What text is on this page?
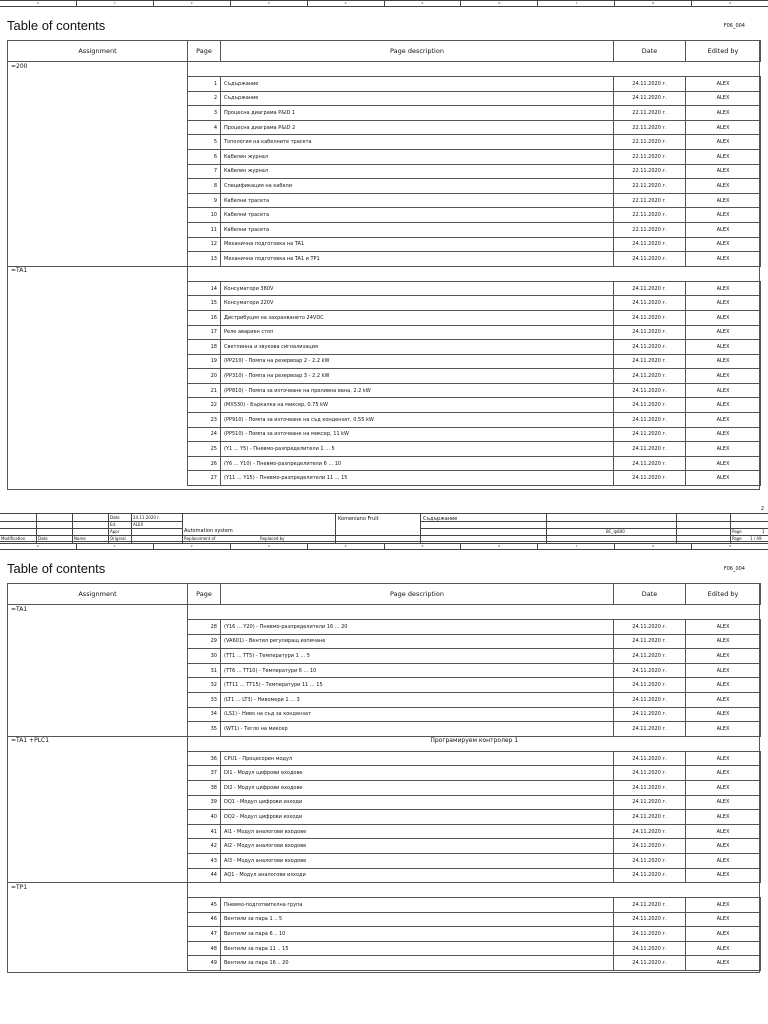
0	1	2	3	4	5	6	7	8	9
Table of contents	F06_004
Assignment	Page	Page description	Date	Edited by
=200				

	1	Съдържание	24.11.2020 г.	ALEX
	2	Съдържание	24.11.2020 г.	ALEX
	3	Процесна диаграма P&ID 1	22.11.2020 г.	ALEX
	4	Процесна диаграма P&ID 2	22.11.2020 г.	ALEX
	5	Топология на кабелните трасета	22.11.2020 г.	ALEX
	6	Кабелен журнал	22.11.2020 г.	ALEX
	7	Кабелен журнал	22.11.2020 г.	ALEX
	8	Спецификация на кабели	22.11.2020 г.	ALEX
	9	Кабелни трасета	22.11.2020 г.	ALEX
	10	Кабелни трасета	22.11.2020 г.	ALEX
	11	Кабелни трасета	22.11.2020 г.	ALEX
	12	Механична подготовка на TA1	24.11.2020 г.	ALEX
	13	Механична подготовка на TA1 и TP1	24.11.2020 г.	ALEX
=TA1				

	14	Консуматори 380V	24.11.2020 г.	ALEX
	15	Консуматори 220V	24.11.2020 г.	ALEX
	16	Дистрибуция на захранването 24VDC	24.11.2020 г.	ALEX
	17	Реле авариен стоп	24.11.2020 г.	ALEX
	18	Светлинна и звукова сигнализация	24.11.2020 г.	ALEX
	19	(PP210) - Помпа на резервоар 2 - 2.2 kW	24.11.2020 г.	ALEX
	20	(PP310) - Помпа на резервоар 3 - 2.2 kW	24.11.2020 г.	ALEX
	21	(PP810) - Помпа за източване на преливна вана, 2.2 kW	24.11.2020 г.	ALEX
	22	(MX530) - Бъркалка на миксер, 0.75 kW	24.11.2020 г.	ALEX
	23	(PP910) - Помпа за източване на съд кондензат, 0.55 kW	24.11.2020 г.	ALEX
	24	(PP510) - Помпа за източване на миксер, 11 kW	24.11.2020 г.	ALEX
	25	(Y1 ... Y5) - Пневмо-разпределители 1 ... 5	24.11.2020 г.	ALEX
	26	(Y6 ... Y10) - Пневмо-разпределители 6 ... 10	24.11.2020 г.	ALEX
	27	(Y11 ... Y15) - Пневмо-разпределители 11 ... 15	24.11.2020 г.	ALEX
2
Date	24.11.2020 г.
Ed.	ALEX
Appr	Automation system
Komeniano Fruit	Съдържание
BC_Ip800	Page	1
Page 1 / 49
Modification	Date	Name	Original	Replacement of	Replaced by
0	1	2	3	4	5	6	7	8	9
Table of contents	F06_004
Assignment	Page	Page description	Date	Edited by
=TA1				

	28	(Y16 ... Y20) - Пневмо-разпределители 16 ... 20	24.11.2020 г.	ALEX
	29	(VA601) - Вентил регулиращ изпичане	24.11.2020 г.	ALEX
	30	(TT1 ... TT5) - Температури 1 ... 5	24.11.2020 г.	ALEX
	31	(TT6 ... TT10) - Температури 6 ... 10	24.11.2020 г.	ALEX
	32	(TT11 ... TT15) - Температури 11 ... 15	24.11.2020 г.	ALEX
	33	(LT1 ... LT3) - Нивомери 1 ... 3	24.11.2020 г.	ALEX
	34	(LS1) - Ниво на съд за кондензат	24.11.2020 г.	ALEX
	35	(WT1) - Тегло на миксер	24.11.2020 г.	ALEX
=TA1 +PLC1	Програмируем контролер 1			

	36	CPU1 - Процесорен модул	24.11.2020 г.	ALEX
	37	DI1 - Модул цифрови входове	24.11.2020 г.	ALEX
	38	DI2 - Модул цифрови входове	24.11.2020 г.	ALEX
	39	DQ1 - Модул цифрови изходи	24.11.2020 г.	ALEX
	40	DQ2 - Модул цифрови изходи	24.11.2020 г.	ALEX
	41	AI1 - Модул аналогови входове	24.11.2020 г.	ALEX
	42	AI2 - Модул аналогови входове	24.11.2020 г.	ALEX
	43	AI3 - Модул аналогови входове	24.11.2020 г.	ALEX
	44	AQ1 - Модул аналогови изходи	24.11.2020 г.	ALEX
=TP1				

	45	Пневмо-подготвителна група	24.11.2020 г.	ALEX
	46	Вентили за пара 1 .. 5	24.11.2020 г.	ALEX
	47	Вентили за пара 6 .. 10	24.11.2020 г.	ALEX
	48	Вентили за пара 11 .. 15	24.11.2020 г.	ALEX
	49	Вентили за пара 16 .. 20	24.11.2020 г.	ALEX
